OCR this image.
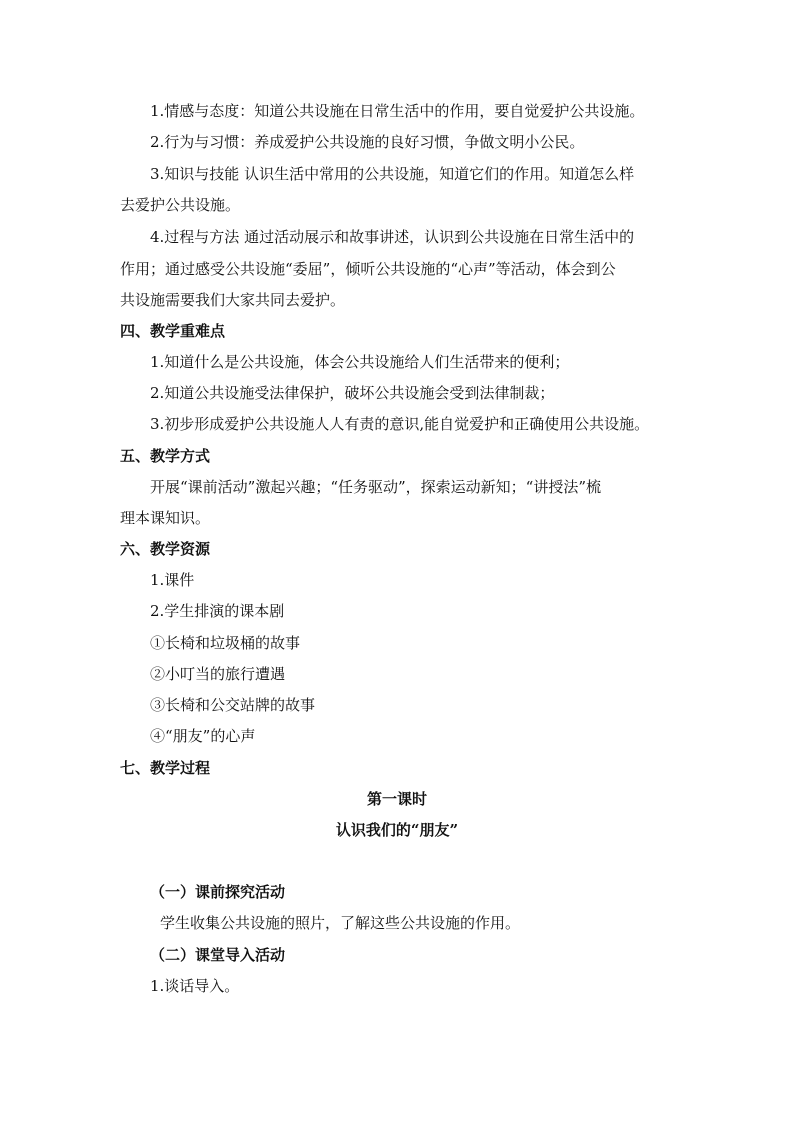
1.情感与态度：知道公共设施在日常生活中的作用，要自觉爱护公共设施。
2.行为与习惯：养成爱护公共设施的良好习惯，争做文明小公民。
3.知识与技能 认识生活中常用的公共设施，知道它们的作用。知道怎么样
去爱护公共设施。
4.过程与方法 通过活动展示和故事讲述，认识到公共设施在日常生活中的
作用；通过感受公共设施“委屈”，倾听公共设施的“心声”等活动，体会到公
共设施需要我们大家共同去爱护。
四、教学重难点
1.知道什么是公共设施，体会公共设施给人们生活带来的便利；
2.知道公共设施受法律保护，破坏公共设施会受到法律制裁；
3.初步形成爱护公共设施人人有责的意识,能自觉爱护和正确使用公共设施。
五、教学方式
开展“课前活动”激起兴趣；“任务驱动”，探索运动新知；“讲授法”梳
理本课知识。
六、教学资源
1.课件
2.学生排演的课本剧
①长椅和垃圾桶的故事
②小叮当的旅行遭遇
③长椅和公交站牌的故事
④“朋友”的心声
七、教学过程
第一课时
认识我们的“朋友”
（一）课前探究活动
学生收集公共设施的照片，了解这些公共设施的作用。
（二）课堂导入活动
1.谈话导入。
